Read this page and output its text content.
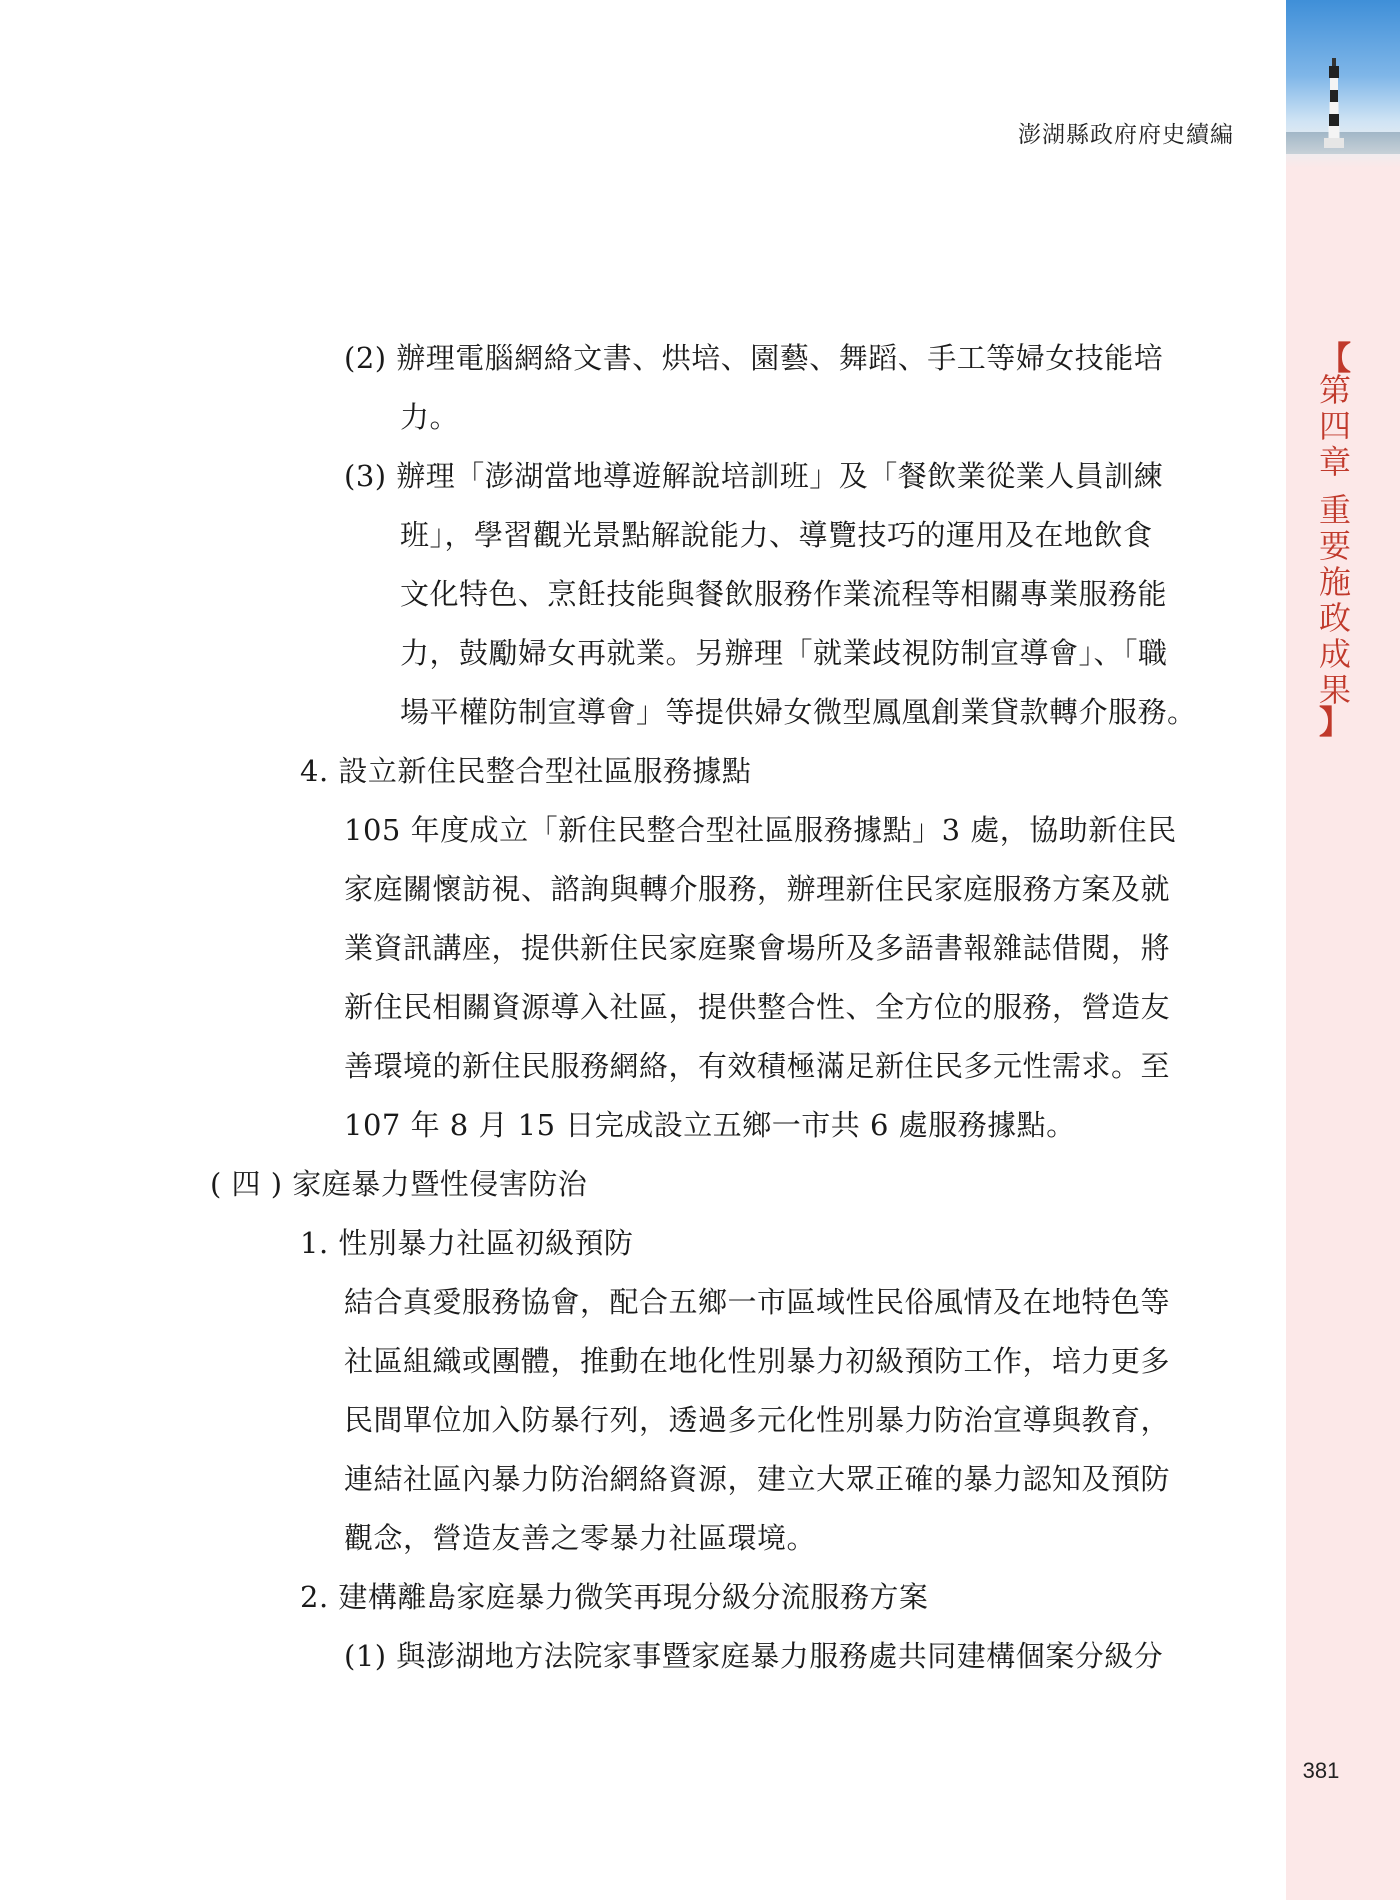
【
第
四
章
重
要
施
政
成
果
】
澎湖縣政府府史續編
(2) 辦理電腦網絡文書、烘培、園藝、舞蹈、手工等婦女技能培
力。
(3) 辦理「澎湖當地導遊解說培訓班」及「餐飲業從業人員訓練
班」，學習觀光景點解說能力、導覽技巧的運用及在地飲食
文化特色、烹飪技能與餐飲服務作業流程等相關專業服務能
力，鼓勵婦女再就業。另辦理「就業歧視防制宣導會」、「職
場平權防制宣導會」等提供婦女微型鳳凰創業貸款轉介服務。
4. 設立新住民整合型社區服務據點
105 年度成立「新住民整合型社區服務據點」3 處，協助新住民
家庭關懷訪視、諮詢與轉介服務，辦理新住民家庭服務方案及就
業資訊講座，提供新住民家庭聚會場所及多語書報雜誌借閱，將
新住民相關資源導入社區，提供整合性、全方位的服務，營造友
善環境的新住民服務網絡，有效積極滿足新住民多元性需求。至
107 年 8 月 15 日完成設立五鄉一市共 6 處服務據點。
( 四 ) 家庭暴力暨性侵害防治
1. 性別暴力社區初級預防
結合真愛服務協會，配合五鄉一市區域性民俗風情及在地特色等
社區組織或團體，推動在地化性別暴力初級預防工作，培力更多
民間單位加入防暴行列，透過多元化性別暴力防治宣導與教育，
連結社區內暴力防治網絡資源，建立大眾正確的暴力認知及預防
觀念，營造友善之零暴力社區環境。
2. 建構離島家庭暴力微笑再現分級分流服務方案
(1) 與澎湖地方法院家事暨家庭暴力服務處共同建構個案分級分
381
